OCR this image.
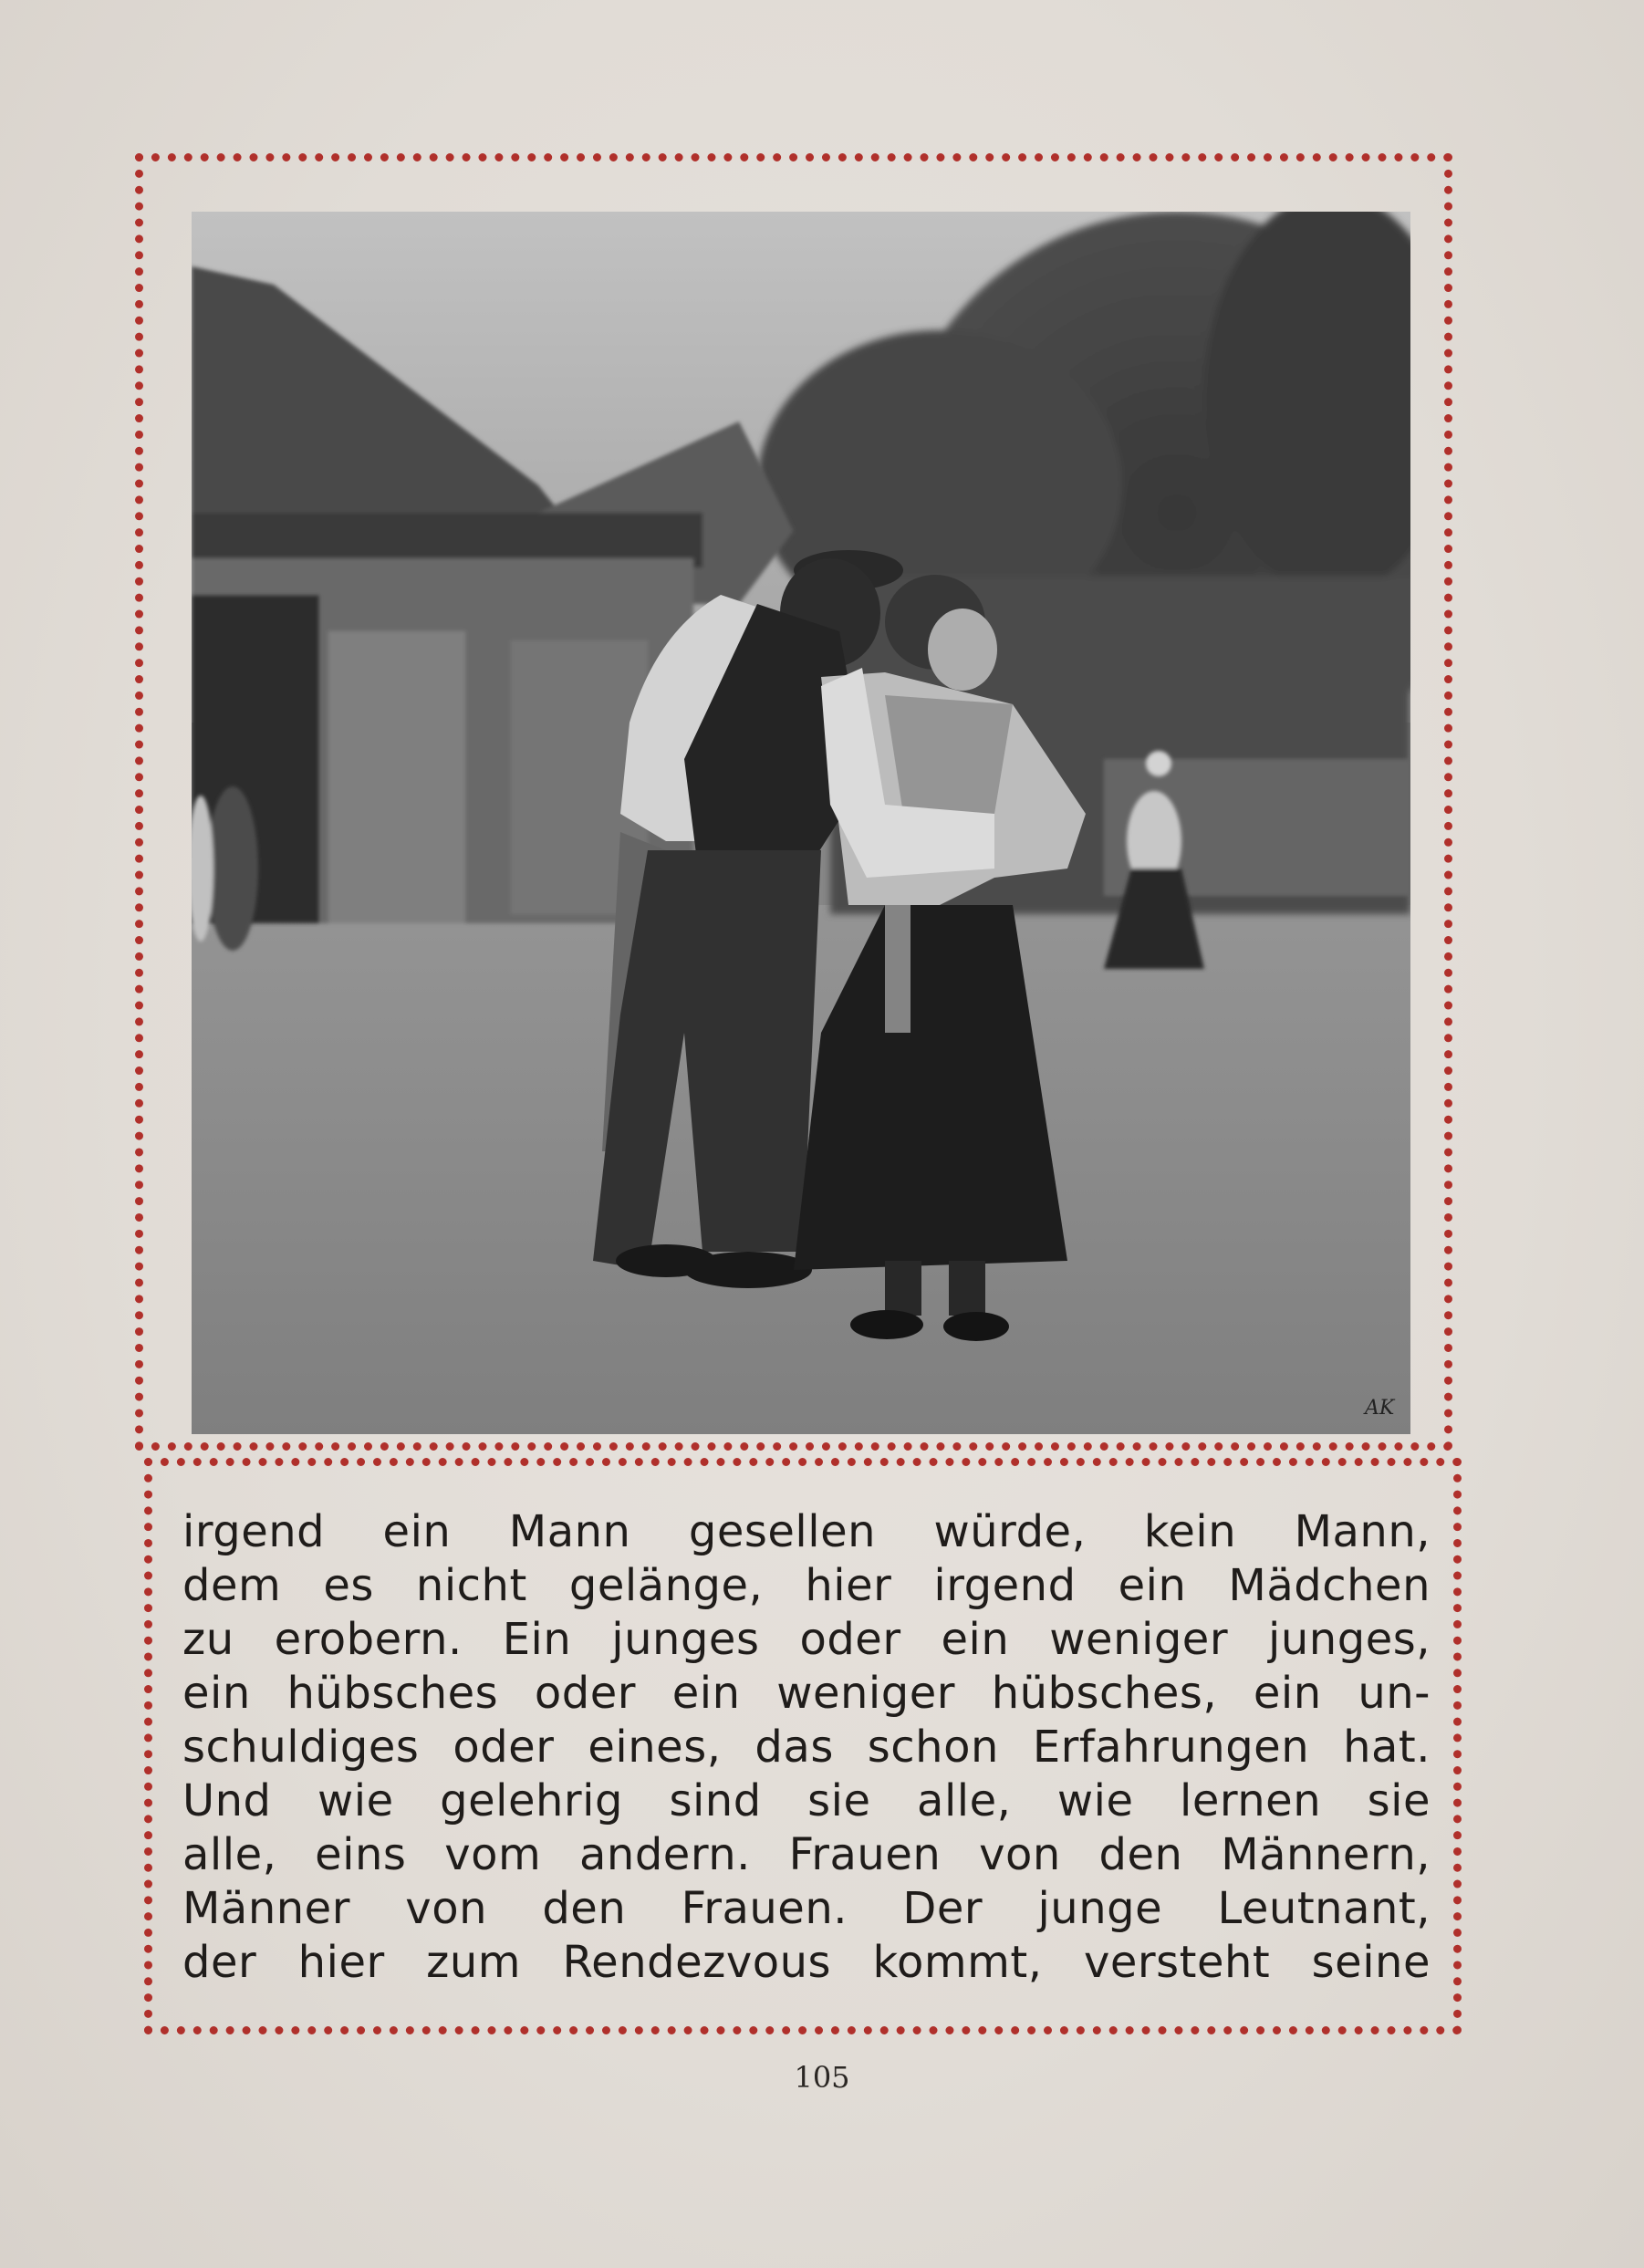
AK
irgend ein Mann gesellen würde, kein Mann,
dem es nicht gelänge, hier irgend ein Mädchen
zu erobern. Ein junges oder ein weniger junges,
ein hübsches oder ein weniger hübsches, ein un-
schuldiges oder eines, das schon Erfahrungen hat.
Und wie gelehrig sind sie alle, wie lernen sie
alle, eins vom andern. Frauen von den Männern,
Männer von den Frauen. Der junge Leutnant,
der hier zum Rendezvous kommt, versteht seine
105
